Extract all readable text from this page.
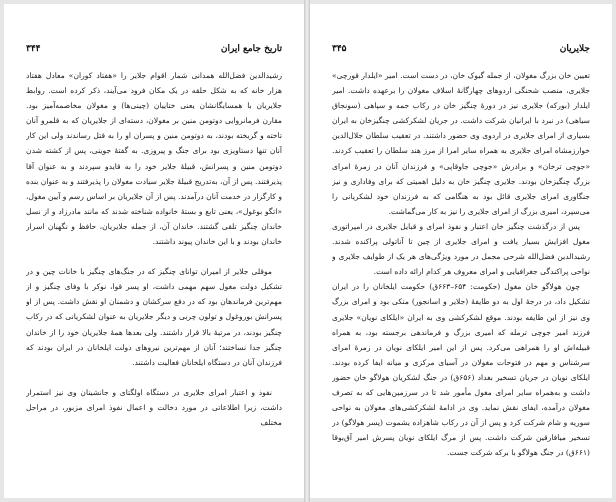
تاریخ جامع ایران
۳۴۴

رشیدالدین فضل‌الله همدانی شمار اقوام جلایر را «هفتاد کوران» معادل هفتاد هزار خانه که به شکل حلقه در یک مکان فرود می‌آیند، ذکر کرده است. روابط جلایریان با همسایگانشان یعنی ختاییان (چینی‌ها) و مغولان مخاصمه‌آمیز بود. مقارن فرمانروایی دوتومن منین بر مغولان، دسته‌ای از جلایریان که به قلمرو آنان تاخته و گریخته بودند، به دوتومن منین و پسران او را به قتل رساندند ولی این کار آنان تنها دستاویزی بود برای جنگ و پیروزی. به گفتهٔ جوینی، پس از کشته شدن دوتومن منین و پسرانش، قبیلهٔ جلایر خود را به قایدو سپردند و به عنوان آقا پذیرفتند. پس از آن، به‌تدریج قبیلهٔ جلایر سیادت مغولان را پذیرفتند و به عنوان بنده و کارگزار در خدمت آنان درآمدند. پس از آن جلایریان بر اساس رسم و آیین مغول، «اتگو بوغول»، یعنی تابع و بستهٔ خانواده شناخته شدند که مانند مادرزاد و از نسل خاندان چنگیز تلقی گشتند. خاندان آن، از جمله جلایریان، حافظ و نگهبان اسرار خاندان بودند و با این خاندان پیوند داشتند.

موقلی جلایر از امیران توانای چنگیز که در جنگ‌های چنگیز با خانات چین و در تشکیل دولت مغول سهم مهمی داشت، او پسر قوا، نوکر با وفای چنگیز و از مهم‌ترین فرماندهان بود که در دفع سرکشان و دشمنان او نقش داشت. پس از او پسرانش بوروغول و تولون چربی و دیگر جلایریان به عنوان لشکریانی که در رکاب چنگیز بودند، در مرتبهٔ بالا قرار داشتند. ولی بعدها همهٔ جلایریان خود را از خاندان چنگیز جدا نساختند؛ آنان از مهم‌ترین نیروهای دولت ایلخانان در ایران بودند که فرزندان آنان در دستگاه ایلخانان فعالیت داشتند.

نفوذ و اعتبار امرای جلایری در دستگاه اولگتای و جانشینان وی نیز استمرار داشت، زیرا اطلاعاتی در مورد دخالت و اعمال نفوذ امرای مزبور، در مراحل مختلف

جلایریان
۳۴۵

تعیین خان بزرگ مغولان، از جمله گیوک خان، در دست است. امیر «ایلدار قورچی» جلایری، منصب شحنگی اردوهای چهارگانهٔ اسلاف مغولان را برعهده داشت. امیر ایلدار (بورکه) جلایری نیز در دورهٔ چنگیز خان در رکاب جمه و سپاهی (سونجاق سیاهی) در نبرد با ایرانیان شرکت داشت. در جریان لشکرکشی چنگیزخان به ایران بسیاری از امرای جلایری در اردوی وی حضور داشتند. در تعقیب سلطان جلال‌الدین خوارزمشاه امرای جلایری به همراه سایر امرا از مرز هند سلطان را تعقیب کردند. «جوچی ترخان» و برادرش «جوچی جاوقاپی» و فرزندان آنان در زمرهٔ امرای بزرگ چنگیزخان بودند. جلایری چنگیز خان به دلیل اهمیتی که برای وفاداری و نیز جنگاوری امرای جلایری قائل بود به هنگامی که به فرزندان خود لشکریانی را می‌سپرد، امیری بزرگ از امرای جلایری را نیز به کار می‌گماشت.

پس از درگذشت چنگیز خان اعتبار و نفوذ امرای و قبایل جلایری در امپراتوری مغول افزایش بسیار یافت و امرای جلایری از چین تا آناتولی پراکنده شدند. رشیدالدین فضل‌الله شرحی مجمل در مورد ویژگی‌های هر یک از طوایف جلایری و نواحی پراکندگی جغرافیایی و امرای معروف هر کدام ارائه داده است.

چون هولاگو خان مغول (حکومت: ۶۵۴–۶۶۳ق) حکومت ایلخانان را در ایران تشکیل داد، در درجهٔ اول به دو طایفهٔ (جلایر و اسانجور) متکی بود و امرای بزرگ وی نیز از این طایفه بودند. موقع لشکرکشی وی به ایران «ایلکای نویان» جلایری فرزند امیر جوچی ترمله که امیری بزرگ و فرماندهی برجسته بود، به همراه قبیله‌اش او را همراهی می‌کرد. پس از این امیر ایلکای نویان در زمرهٔ امرای سرشناس و مهم در فتوحات مغولان در آسیای مرکزی و میانه ایفا کرده بودند. ایلکای نویان در جریان تسخیر بغداد (۶۵۶ق) در جنگ لشکریان هولاگو خان حضور داشت و به‌همراه سایر امرای مغول مأمور شد تا در سرزمین‌هایی که به تصرف مغولان درآمده، ایفای نقش نماید. وی در ادامهٔ لشکرکشی‌های مغولان به نواحی سوریه و شام شرکت کرد و پس از آن در رکاب شاهزاده یشموت (پسر هولاگو) در تسخیر میافارقین شرکت داشت. پس از مرگ ایلکای نویان پسرش امیر آق‌بوقا (۶۶۱ق) در جنگ هولاگو با برکه شرکت جست.
